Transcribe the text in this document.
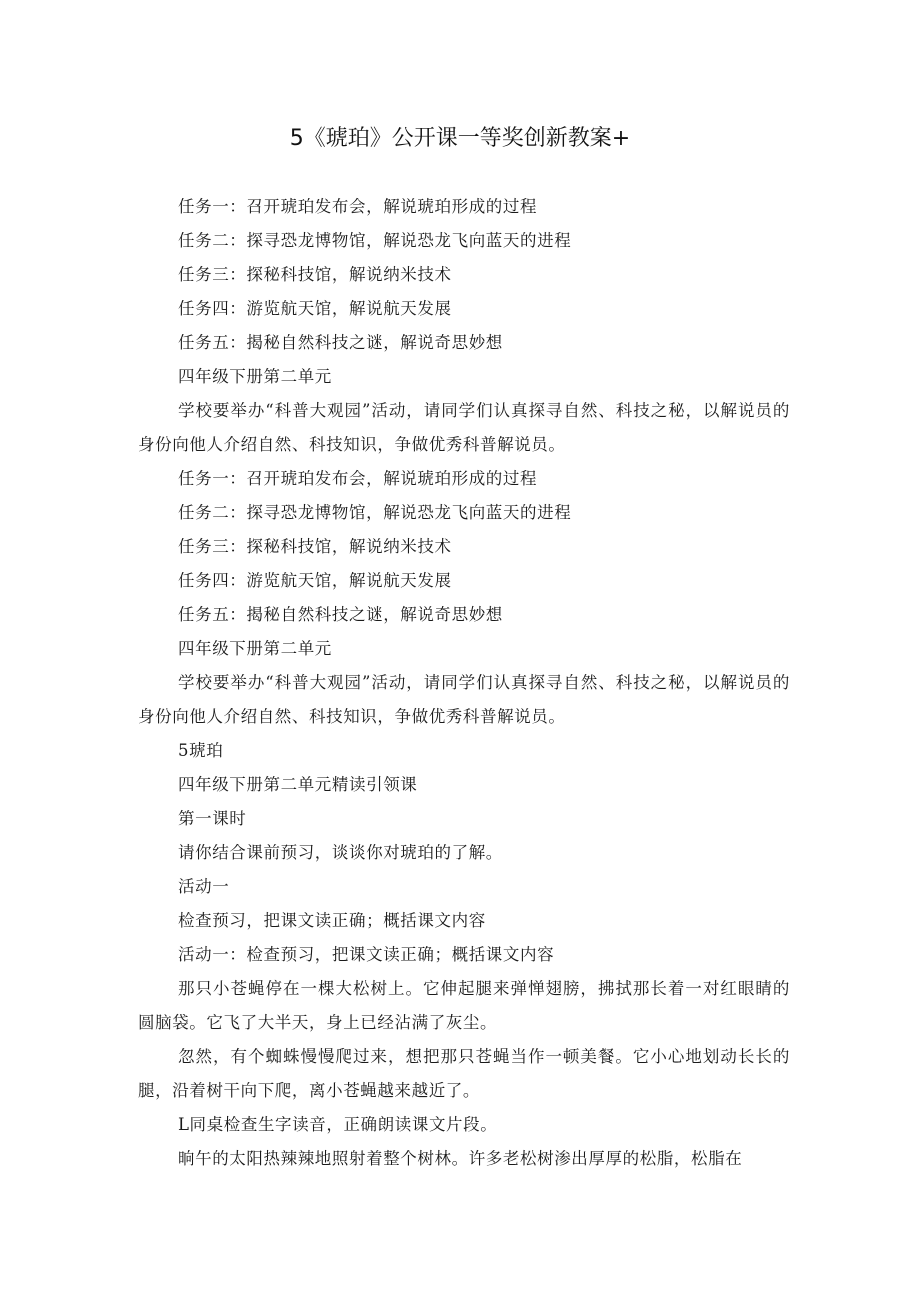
5《琥珀》公开课一等奖创新教案+

任务一：召开琥珀发布会，解说琥珀形成的过程

任务二：探寻恐龙博物馆，解说恐龙飞向蓝天的进程

任务三：探秘科技馆，解说纳米技术

任务四：游览航天馆，解说航天发展

任务五：揭秘自然科技之谜，解说奇思妙想

四年级下册第二单元

学校要举办“科普大观园”活动，请同学们认真探寻自然、科技之秘，以解说员的身份向他人介绍自然、科技知识，争做优秀科普解说员。

任务一：召开琥珀发布会，解说琥珀形成的过程

任务二：探寻恐龙博物馆，解说恐龙飞向蓝天的进程

任务三：探秘科技馆，解说纳米技术

任务四：游览航天馆，解说航天发展

任务五：揭秘自然科技之谜，解说奇思妙想

四年级下册第二单元

学校要举办“科普大观园”活动，请同学们认真探寻自然、科技之秘，以解说员的身份向他人介绍自然、科技知识，争做优秀科普解说员。

5琥珀

四年级下册第二单元精读引领课

第一课时

请你结合课前预习，谈谈你对琥珀的了解。

活动一

检查预习，把课文读正确；概括课文内容

活动一：检查预习，把课文读正确；概括课文内容

那只小苍蝇停在一棵大松树上。它伸起腿来弹惮翅膀，拂拭那长着一对红眼睛的圆脑袋。它飞了大半天，身上已经沾满了灰尘。

忽然，有个蜘蛛慢慢爬过来，想把那只苍蝇当作一顿美餐。它小心地划动长长的腿，沿着树干向下爬，离小苍蝇越来越近了。

L同桌检查生字读音，正确朗读课文片段。

晌午的太阳热辣辣地照射着整个树林。许多老松树渗出厚厚的松脂，松脂在
